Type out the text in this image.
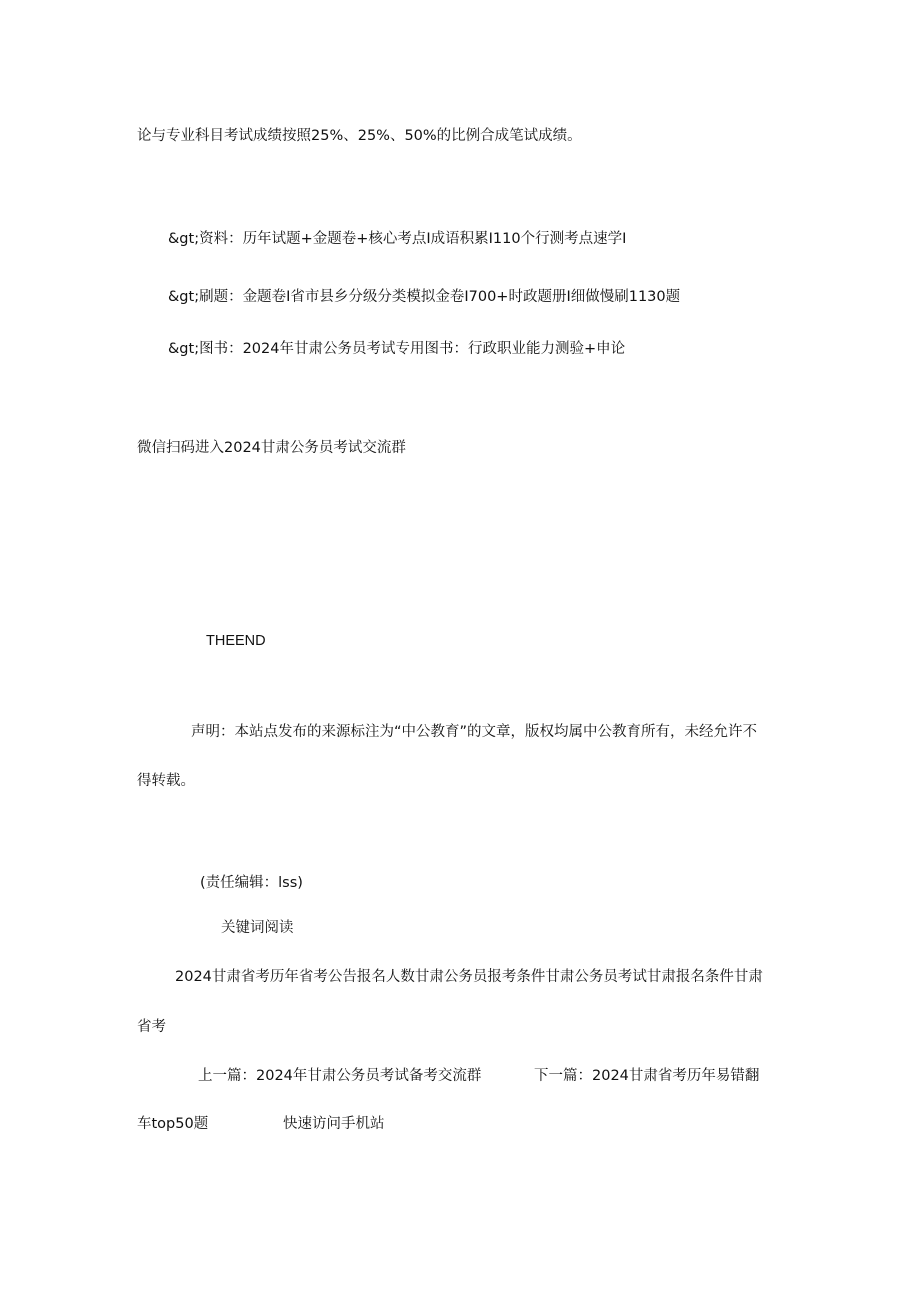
论与专业科目考试成绩按照25%、25%、50%的比例合成笔试成绩。
&gt;资料：历年试题+金题卷+核心考点I成语积累I110个行测考点速学I
&gt;刷题：金题卷I省市县乡分级分类模拟金卷I700+时政题册I细做慢刷1130题
&gt;图书：2024年甘肃公务员考试专用图书：行政职业能力测验+申论
微信扫码进入2024甘肃公务员考试交流群
THEEND
声明：本站点发布的来源标注为“中公教育”的文章，版权均属中公教育所有，未经允许不
得转载。
(责任编辑：lss)
关键词阅读
2024甘肃省考历年省考公告报名人数甘肃公务员报考条件甘肃公务员考试甘肃报名条件甘肃
省考
上一篇：2024年甘肃公务员考试备考交流群	下一篇：2024甘肃省考历年易错翻
车top50题	快速访问手机站
